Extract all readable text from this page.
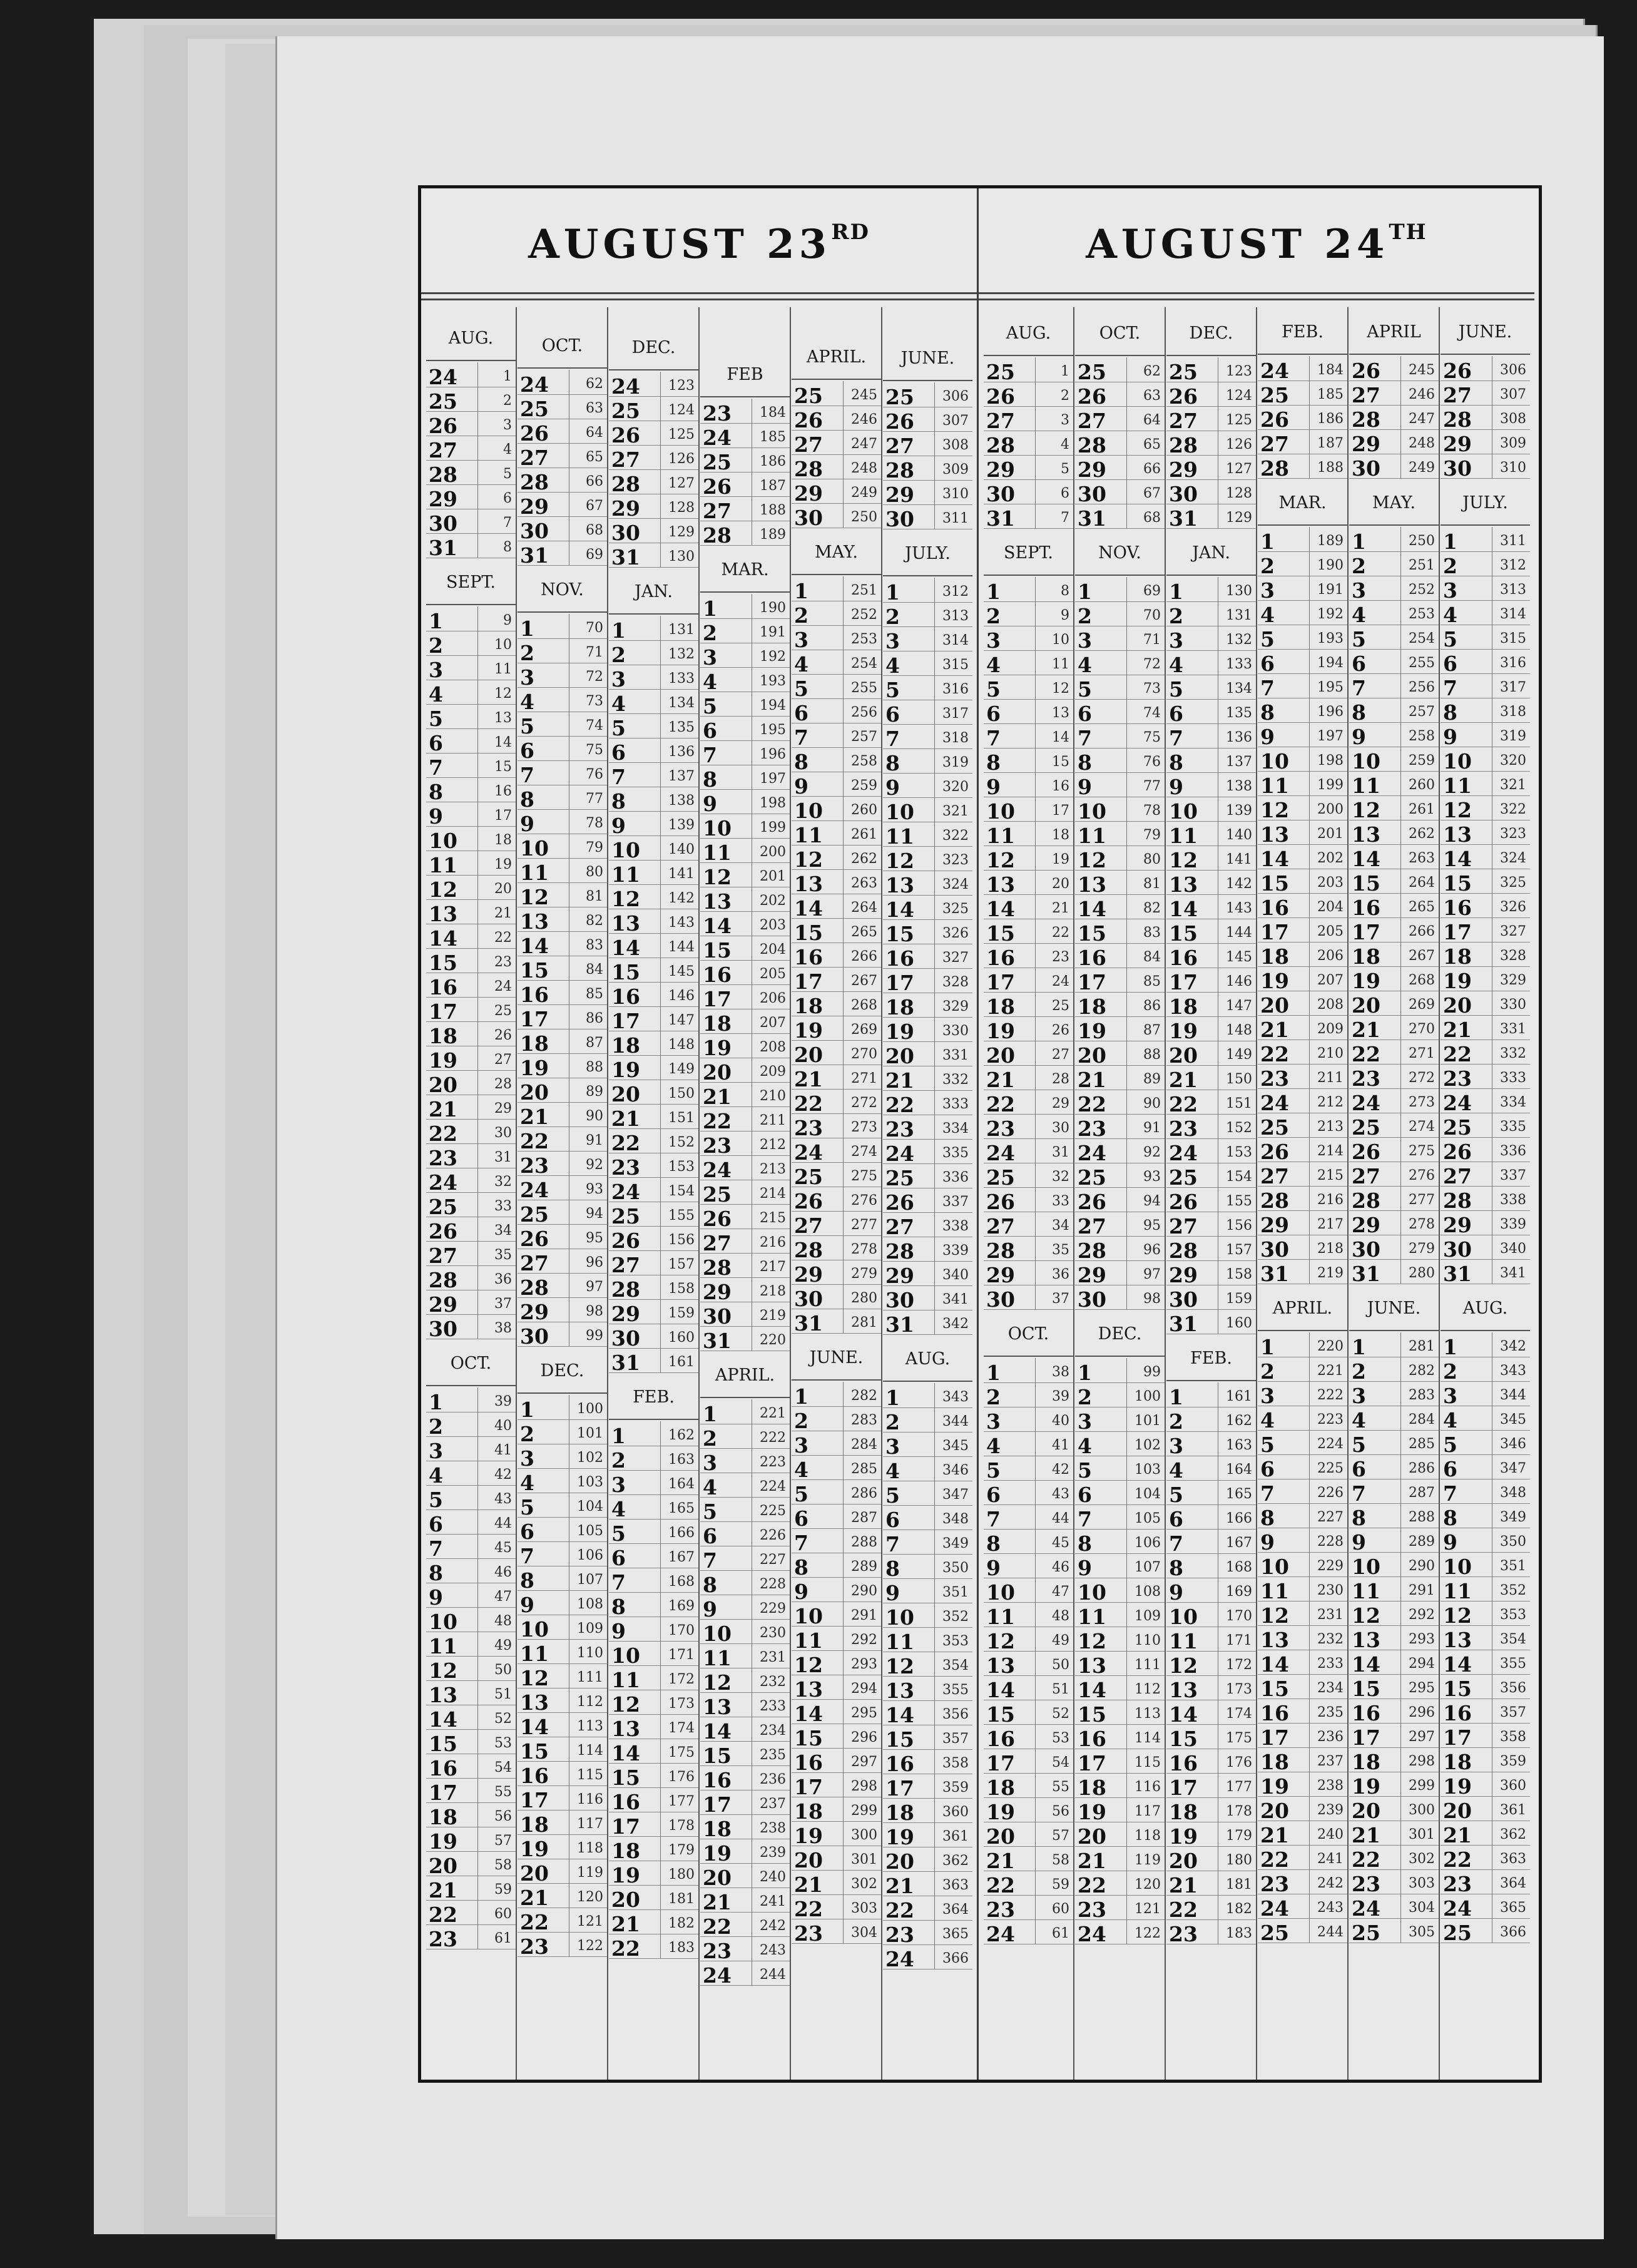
AUGUST 23RD
AUG.
24	1
25	2
26	3
27	4
28	5
29	6
30	7
31	8
SEPT.
1	9
2	10
3	11
4	12
5	13
6	14
7	15
8	16
9	17
10	18
11	19
12	20
13	21
14	22
15	23
16	24
17	25
18	26
19	27
20	28
21	29
22	30
23	31
24	32
25	33
26	34
27	35
28	36
29	37
30	38
OCT.
1	39
2	40
3	41
4	42
5	43
6	44
7	45
8	46
9	47
10	48
11	49
12	50
13	51
14	52
15	53
16	54
17	55
18	56
19	57
20	58
21	59
22	60
23	61
OCT.
24	62
25	63
26	64
27	65
28	66
29	67
30	68
31	69
NOV.
1	70
2	71
3	72
4	73
5	74
6	75
7	76
8	77
9	78
10	79
11	80
12	81
13	82
14	83
15	84
16	85
17	86
18	87
19	88
20	89
21	90
22	91
23	92
24	93
25	94
26	95
27	96
28	97
29	98
30	99
DEC.
1	100
2	101
3	102
4	103
5	104
6	105
7	106
8	107
9	108
10	109
11	110
12	111
13	112
14	113
15	114
16	115
17	116
18	117
19	118
20	119
21	120
22	121
23	122
DEC.
24	123
25	124
26	125
27	126
28	127
29	128
30	129
31	130
JAN.
1	131
2	132
3	133
4	134
5	135
6	136
7	137
8	138
9	139
10	140
11	141
12	142
13	143
14	144
15	145
16	146
17	147
18	148
19	149
20	150
21	151
22	152
23	153
24	154
25	155
26	156
27	157
28	158
29	159
30	160
31	161
FEB.
1	162
2	163
3	164
4	165
5	166
6	167
7	168
8	169
9	170
10	171
11	172
12	173
13	174
14	175
15	176
16	177
17	178
18	179
19	180
20	181
21	182
22	183
FEB
23	184
24	185
25	186
26	187
27	188
28	189
MAR.
1	190
2	191
3	192
4	193
5	194
6	195
7	196
8	197
9	198
10	199
11	200
12	201
13	202
14	203
15	204
16	205
17	206
18	207
19	208
20	209
21	210
22	211
23	212
24	213
25	214
26	215
27	216
28	217
29	218
30	219
31	220
APRIL.
1	221
2	222
3	223
4	224
5	225
6	226
7	227
8	228
9	229
10	230
11	231
12	232
13	233
14	234
15	235
16	236
17	237
18	238
19	239
20	240
21	241
22	242
23	243
24	244
APRIL.
25	245
26	246
27	247
28	248
29	249
30	250
MAY.
1	251
2	252
3	253
4	254
5	255
6	256
7	257
8	258
9	259
10	260
11	261
12	262
13	263
14	264
15	265
16	266
17	267
18	268
19	269
20	270
21	271
22	272
23	273
24	274
25	275
26	276
27	277
28	278
29	279
30	280
31	281
JUNE.
1	282
2	283
3	284
4	285
5	286
6	287
7	288
8	289
9	290
10	291
11	292
12	293
13	294
14	295
15	296
16	297
17	298
18	299
19	300
20	301
21	302
22	303
23	304
JUNE.
25	306
26	307
27	308
28	309
29	310
30	311
JULY.
1	312
2	313
3	314
4	315
5	316
6	317
7	318
8	319
9	320
10	321
11	322
12	323
13	324
14	325
15	326
16	327
17	328
18	329
19	330
20	331
21	332
22	333
23	334
24	335
25	336
26	337
27	338
28	339
29	340
30	341
31	342
AUG.
1	343
2	344
3	345
4	346
5	347
6	348
7	349
8	350
9	351
10	352
11	353
12	354
13	355
14	356
15	357
16	358
17	359
18	360
19	361
20	362
21	363
22	364
23	365
24	366
AUGUST 24TH
AUG.
25	1
26	2
27	3
28	4
29	5
30	6
31	7
SEPT.
1	8
2	9
3	10
4	11
5	12
6	13
7	14
8	15
9	16
10	17
11	18
12	19
13	20
14	21
15	22
16	23
17	24
18	25
19	26
20	27
21	28
22	29
23	30
24	31
25	32
26	33
27	34
28	35
29	36
30	37
OCT.
1	38
2	39
3	40
4	41
5	42
6	43
7	44
8	45
9	46
10	47
11	48
12	49
13	50
14	51
15	52
16	53
17	54
18	55
19	56
20	57
21	58
22	59
23	60
24	61
OCT.
25	62
26	63
27	64
28	65
29	66
30	67
31	68
NOV.
1	69
2	70
3	71
4	72
5	73
6	74
7	75
8	76
9	77
10	78
11	79
12	80
13	81
14	82
15	83
16	84
17	85
18	86
19	87
20	88
21	89
22	90
23	91
24	92
25	93
26	94
27	95
28	96
29	97
30	98
DEC.
1	99
2	100
3	101
4	102
5	103
6	104
7	105
8	106
9	107
10	108
11	109
12	110
13	111
14	112
15	113
16	114
17	115
18	116
19	117
20	118
21	119
22	120
23	121
24	122
DEC.
25	123
26	124
27	125
28	126
29	127
30	128
31	129
JAN.
1	130
2	131
3	132
4	133
5	134
6	135
7	136
8	137
9	138
10	139
11	140
12	141
13	142
14	143
15	144
16	145
17	146
18	147
19	148
20	149
21	150
22	151
23	152
24	153
25	154
26	155
27	156
28	157
29	158
30	159
31	160
FEB.
1	161
2	162
3	163
4	164
5	165
6	166
7	167
8	168
9	169
10	170
11	171
12	172
13	173
14	174
15	175
16	176
17	177
18	178
19	179
20	180
21	181
22	182
23	183
FEB.
24	184
25	185
26	186
27	187
28	188
MAR.
1	189
2	190
3	191
4	192
5	193
6	194
7	195
8	196
9	197
10	198
11	199
12	200
13	201
14	202
15	203
16	204
17	205
18	206
19	207
20	208
21	209
22	210
23	211
24	212
25	213
26	214
27	215
28	216
29	217
30	218
31	219
APRIL.
1	220
2	221
3	222
4	223
5	224
6	225
7	226
8	227
9	228
10	229
11	230
12	231
13	232
14	233
15	234
16	235
17	236
18	237
19	238
20	239
21	240
22	241
23	242
24	243
25	244
APRIL
26	245
27	246
28	247
29	248
30	249
MAY.
1	250
2	251
3	252
4	253
5	254
6	255
7	256
8	257
9	258
10	259
11	260
12	261
13	262
14	263
15	264
16	265
17	266
18	267
19	268
20	269
21	270
22	271
23	272
24	273
25	274
26	275
27	276
28	277
29	278
30	279
31	280
JUNE.
1	281
2	282
3	283
4	284
5	285
6	286
7	287
8	288
9	289
10	290
11	291
12	292
13	293
14	294
15	295
16	296
17	297
18	298
19	299
20	300
21	301
22	302
23	303
24	304
25	305
JUNE.
26	306
27	307
28	308
29	309
30	310
JULY.
1	311
2	312
3	313
4	314
5	315
6	316
7	317
8	318
9	319
10	320
11	321
12	322
13	323
14	324
15	325
16	326
17	327
18	328
19	329
20	330
21	331
22	332
23	333
24	334
25	335
26	336
27	337
28	338
29	339
30	340
31	341
AUG.
1	342
2	343
3	344
4	345
5	346
6	347
7	348
8	349
9	350
10	351
11	352
12	353
13	354
14	355
15	356
16	357
17	358
18	359
19	360
20	361
21	362
22	363
23	364
24	365
25	366
